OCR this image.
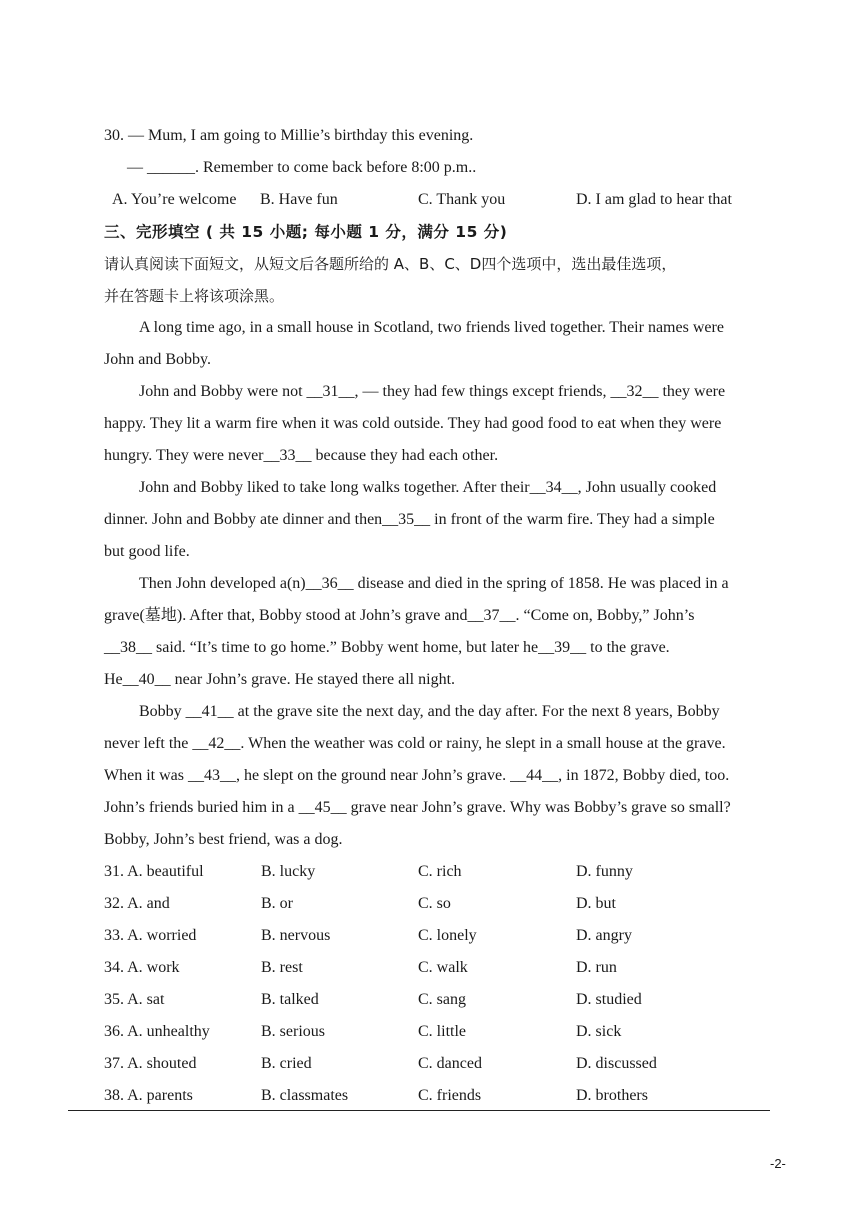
30. — Mum, I am going to Millie’s birthday this evening.
— ______. Remember to come back before 8:00 p.m..
A. You’re welcome B. Have fun	C. Thank you	D. I am glad to hear that
三、完形填空 ( 共 15 小题; 每小题 1 分，满分 15 分)
请认真阅读下面短文，从短文后各题所给的 A、B、C、D四个选项中，选出最佳选项，
并在答题卡上将该项涂黑。
A long time ago, in a small house in Scotland, two friends lived together. Their names were
John and Bobby.
John and Bobby were not __31__, — they had few things except friends, __32__ they were
happy. They lit a warm fire when it was cold outside. They had good food to eat when they were
hungry. They were never__33__ because they had each other.
John and Bobby liked to take long walks together. After their__34__, John usually cooked
dinner. John and Bobby ate dinner and then__35__ in front of the warm fire. They had a simple
but good life.
Then John developed a(n)__36__ disease and died in the spring of 1858. He was placed in a
grave(墓地). After that, Bobby stood at John’s grave and__37__. “Come on, Bobby,” John’s
__38__ said. “It’s time to go home.” Bobby went home, but later he__39__ to the grave.
He__40__ near John’s grave. He stayed there all night.
Bobby __41__ at the grave site the next day, and the day after. For the next 8 years, Bobby
never left the __42__. When the weather was cold or rainy, he slept in a small house at the grave.
When it was __43__, he slept on the ground near John’s grave. __44__, in 1872, Bobby died, too.
John’s friends buried him in a __45__ grave near John’s grave. Why was Bobby’s grave so small?
Bobby, John’s best friend, was a dog.
31. A. beautiful	B. lucky	C. rich	D. funny
32. A. and	B. or	C. so	D. but
33. A. worried	B. nervous	C. lonely	D. angry
34. A. work	B. rest	C. walk	D. run
35. A. sat	B. talked	C. sang	D. studied
36. A. unhealthy	B. serious	C. little	D. sick
37. A. shouted	B. cried	C. danced	D. discussed
38. A. parents	B. classmates	C. friends	D. brothers
-2-
